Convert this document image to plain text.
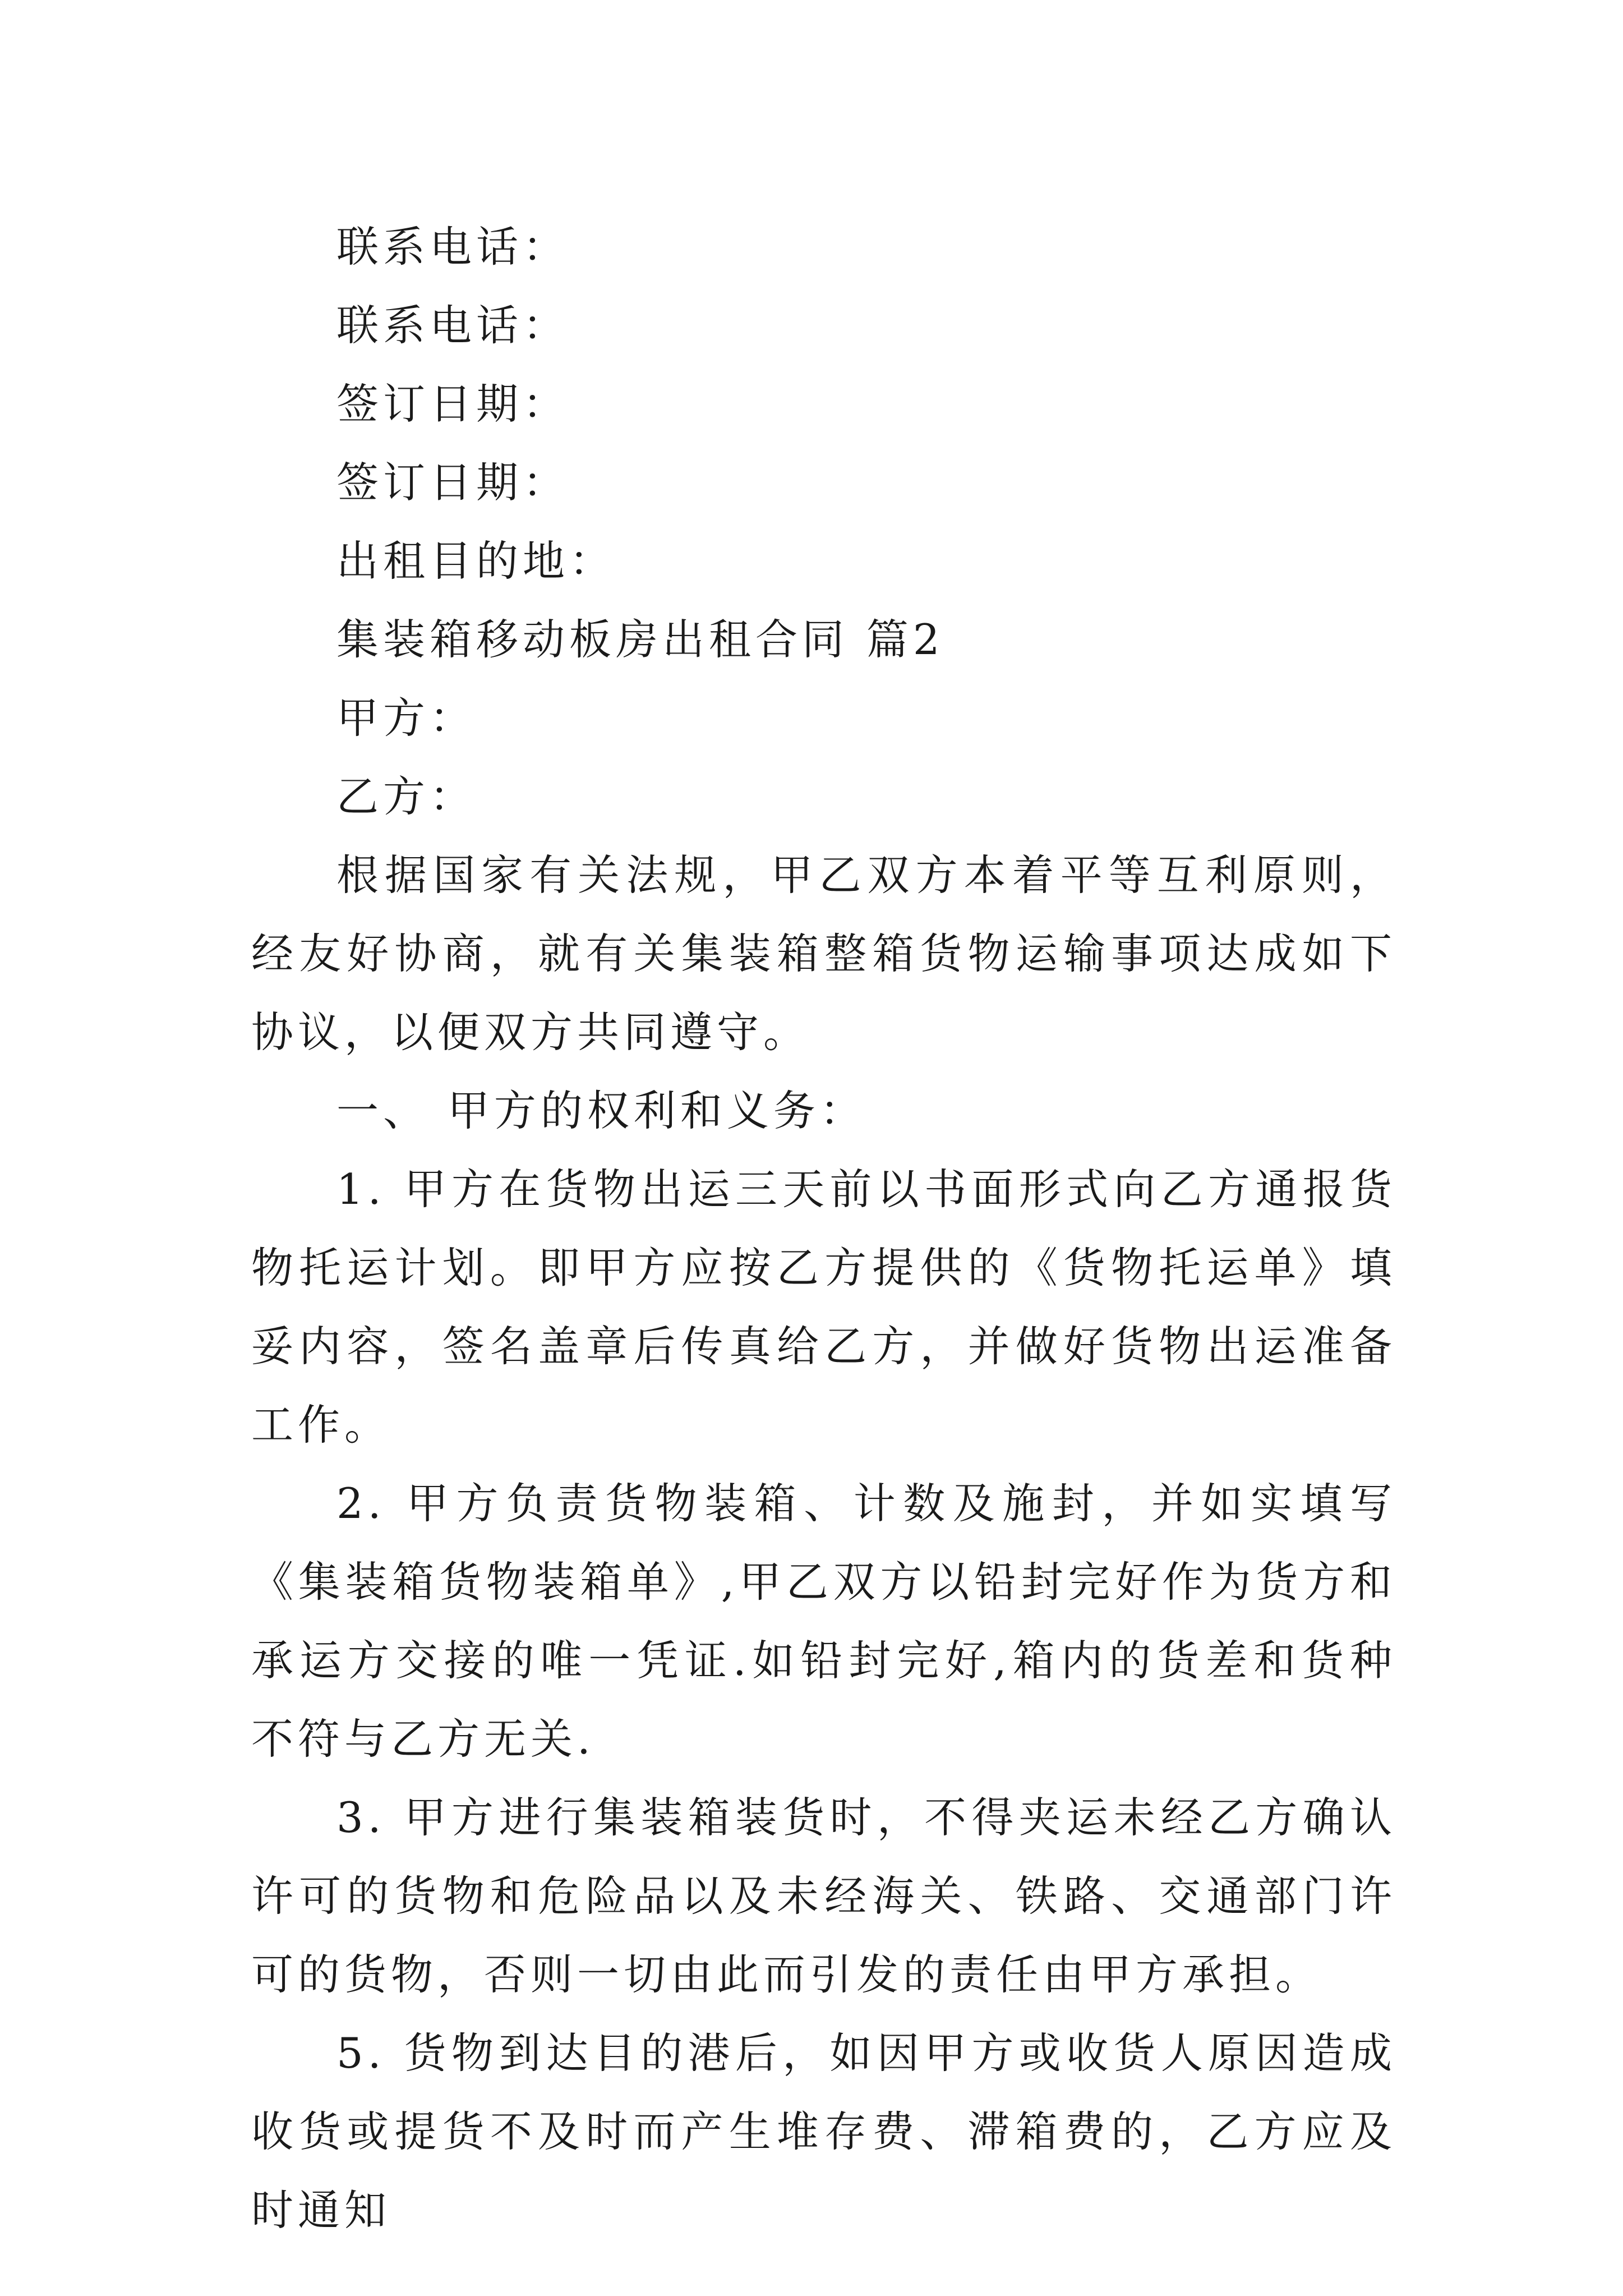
联系电话：

联系电话：

签订日期：

签订日期：

出租目的地：

集装箱移动板房出租合同 篇2

甲方：

乙方：

根据国家有关法规，甲乙双方本着平等互利原则，经友好协商，就有关集装箱整箱货物运输事项达成如下协议，以便双方共同遵守。

一、 甲方的权利和义务：

1. 甲方在货物出运三天前以书面形式向乙方通报货物托运计划。即甲方应按乙方提供的《货物托运单》填妥内容，签名盖章后传真给乙方，并做好货物出运准备工作。

2. 甲方负责货物装箱、计数及施封，并如实填写《集装箱货物装箱单》,甲乙双方以铅封完好作为货方和承运方交接的唯一凭证.如铅封完好,箱内的货差和货种不符与乙方无关.

3. 甲方进行集装箱装货时，不得夹运未经乙方确认许可的货物和危险品以及未经海关、铁路、交通部门许可的货物，否则一切由此而引发的责任由甲方承担。

5. 货物到达目的港后，如因甲方或收货人原因造成收货或提货不及时而产生堆存费、滞箱费的，乙方应及时通知
